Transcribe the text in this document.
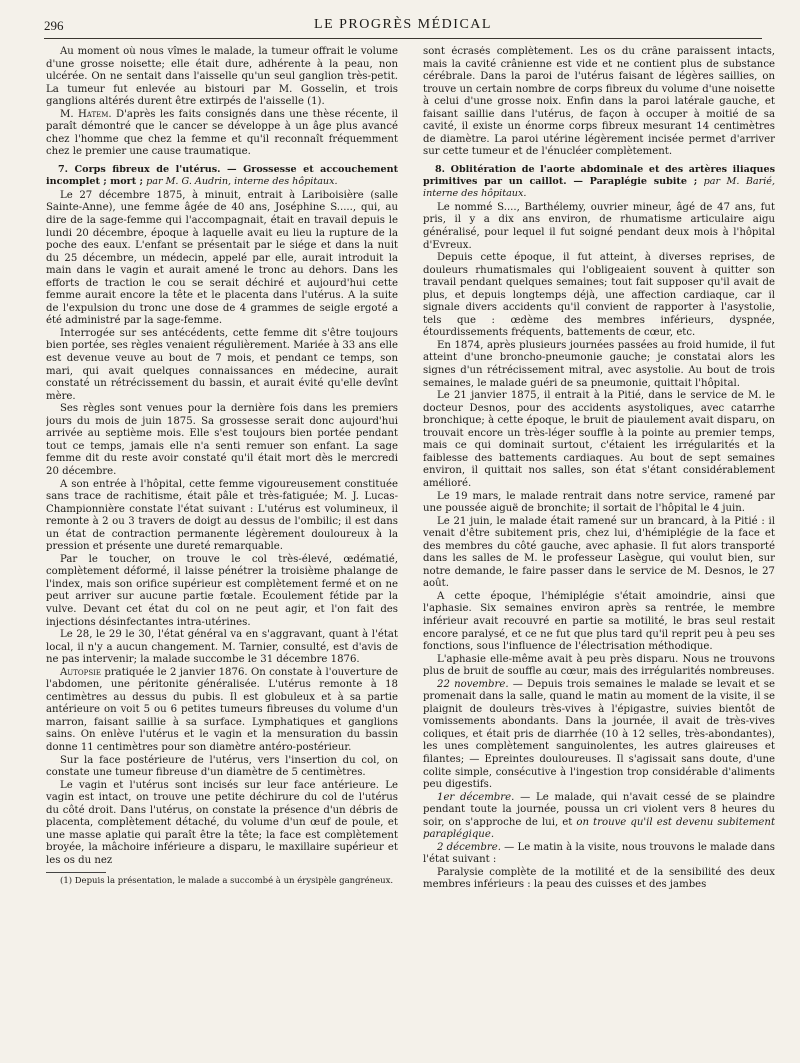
296	LE PROGRÈS MÉDICAL

Au moment où nous vîmes le malade, la tumeur offrait le volume d'une grosse noisette; elle était dure, adhérente à la peau, non ulcérée. On ne sentait dans l'aisselle qu'un seul ganglion très-petit. La tumeur fut enlevée au bistouri par M. Gosselin, et trois ganglions altérés durent être extirpés de l'aisselle (1).

M. Hatem. D'après les faits consignés dans une thèse récente, il paraît démontré que le cancer se développe à un âge plus avancé chez l'homme que chez la femme et qu'il reconnaît fréquemment chez le premier une cause traumatique.

7. Corps fibreux de l'utérus. — Grossesse et accouchement incomplet ; mort ; par M. G. Audrin, interne des hôpitaux.

Le 27 décembre 1875, à minuit, entrait à Lariboisière (salle Sainte-Anne), une femme âgée de 40 ans, Joséphine S....., qui, au dire de la sage-femme qui l'accompagnait, était en travail depuis le lundi 20 décembre, époque à laquelle avait eu lieu la rupture de la poche des eaux. L'enfant se présentait par le siége et dans la nuit du 25 décembre, un médecin, appelé par elle, aurait introduit la main dans le vagin et aurait amené le tronc au dehors. Dans les efforts de traction le cou se serait déchiré et aujourd'hui cette femme aurait encore la tête et le placenta dans l'utérus. A la suite de l'expulsion du tronc une dose de 4 grammes de seigle ergoté a été administré par la sage-femme.

Interrogée sur ses antécédents, cette femme dit s'être toujours bien portée, ses règles venaient régulièrement. Mariée à 33 ans elle est devenue veuve au bout de 7 mois, et pendant ce temps, son mari, qui avait quelques connaissances en médecine, aurait constaté un rétrécissement du bassin, et aurait évité qu'elle devînt mère.

Ses règles sont venues pour la dernière fois dans les premiers jours du mois de juin 1875. Sa grossesse serait donc aujourd'hui arrivée au septième mois. Elle s'est toujours bien portée pendant tout ce temps, jamais elle n'a senti remuer son enfant. La sage femme dit du reste avoir constaté qu'il était mort dès le mercredi 20 décembre.

A son entrée à l'hôpital, cette femme vigoureusement constituée sans trace de rachitisme, était pâle et très-fatiguée; M. J. Lucas-Championnière constate l'état suivant : L'utérus est volumineux, il remonte à 2 ou 3 travers de doigt au dessus de l'ombilic; il est dans un état de contraction permanente légèrement douloureux à la pression et présente une dureté remarquable.

Par le toucher, on trouve le col très-élevé, œdématié, complètement déformé, il laisse pénétrer la troisième phalange de l'index, mais son orifice supérieur est complètement fermé et on ne peut arriver sur aucune partie fœtale. Ecoulement fétide par la vulve. Devant cet état du col on ne peut agir, et l'on fait des injections désinfectantes intra-utérines.

Le 28, le 29 le 30, l'état général va en s'aggravant, quant à l'état local, il n'y a aucun changement. M. Tarnier, consulté, est d'avis de ne pas intervenir; la malade succombe le 31 décembre 1876.

Autopsie pratiquée le 2 janvier 1876. On constate à l'ouverture de l'abdomen, une péritonite généralisée. L'utérus remonte à 18 centimètres au dessus du pubis. Il est globuleux et à sa partie antérieure on voit 5 ou 6 petites tumeurs fibreuses du volume d'un marron, faisant saillie à sa surface. Lymphatiques et ganglions sains. On enlève l'utérus et le vagin et la mensuration du bassin donne 11 centimètres pour son diamètre antéro-postérieur.

Sur la face postérieure de l'utérus, vers l'insertion du col, on constate une tumeur fibreuse d'un diamètre de 5 centimètres.

Le vagin et l'utérus sont incisés sur leur face antérieure. Le vagin est intact, on trouve une petite déchirure du col de l'utérus du côté droit. Dans l'utérus, on constate la présence d'un débris de placenta, complètement détaché, du volume d'un œuf de poule, et une masse aplatie qui paraît être la tête; la face est complètement broyée, la mâchoire inférieure a disparu, le maxillaire supérieur et les os du nez

(1) Depuis la présentation, le malade a succombé à un érysipèle gangréneux.

sont écrasés complètement. Les os du crâne paraissent intacts, mais la cavité crânienne est vide et ne contient plus de substance cérébrale. Dans la paroi de l'utérus faisant de légères saillies, on trouve un certain nombre de corps fibreux du volume d'une noisette à celui d'une grosse noix. Enfin dans la paroi latérale gauche, et faisant saillie dans l'utérus, de façon à occuper à moitié de sa cavité, il existe un énorme corps fibreux mesurant 14 centimètres de diamètre. La paroi utérine légèrement incisée permet d'arriver sur cette tumeur et de l'énucléer complètement.

8. Oblitération de l'aorte abdominale et des artères iliaques primitives par un caillot. — Paraplégie subite ; par M. Barié, interne des hôpitaux.

Le nommé S...., Barthélemy, ouvrier mineur, âgé de 47 ans, fut pris, il y a dix ans environ, de rhumatisme articulaire aigu généralisé, pour lequel il fut soigné pendant deux mois à l'hôpital d'Evreux.

Depuis cette époque, il fut atteint, à diverses reprises, de douleurs rhumatismales qui l'obligeaient souvent à quitter son travail pendant quelques semaines; tout fait supposer qu'il avait de plus, et depuis longtemps déjà, une affection cardiaque, car il signale divers accidents qu'il convient de rapporter à l'asystolie, tels que : œdème des membres inférieurs, dyspnée, étourdissements fréquents, battements de cœur, etc.

En 1874, après plusieurs journées passées au froid humide, il fut atteint d'une broncho-pneumonie gauche; je constatai alors les signes d'un rétrécissement mitral, avec asystolie. Au bout de trois semaines, le malade guéri de sa pneumonie, quittait l'hôpital.

Le 21 janvier 1875, il entrait à la Pitié, dans le service de M. le docteur Desnos, pour des accidents asystoliques, avec catarrhe bronchique; à cette époque, le bruit de piaulement avait disparu, on trouvait encore un très-léger souffle à la pointe au premier temps, mais ce qui dominait surtout, c'étaient les irrégularités et la faiblesse des battements cardiaques. Au bout de sept semaines environ, il quittait nos salles, son état s'étant considérablement amélioré.

Le 19 mars, le malade rentrait dans notre service, ramené par une poussée aiguë de bronchite; il sortait de l'hôpital le 4 juin.

Le 21 juin, le malade était ramené sur un brancard, à la Pitié : il venait d'être subitement pris, chez lui, d'hémiplégie de la face et des membres du côté gauche, avec aphasie. Il fut alors transporté dans les salles de M. le professeur Lasègue, qui voulut bien, sur notre demande, le faire passer dans le service de M. Desnos, le 27 août.

A cette époque, l'hémiplégie s'était amoindrie, ainsi que l'aphasie. Six semaines environ après sa rentrée, le membre inférieur avait recouvré en partie sa motilité, le bras seul restait encore paralysé, et ce ne fut que plus tard qu'il reprit peu à peu ses fonctions, sous l'influence de l'électrisation méthodique.

L'aphasie elle-même avait à peu près disparu. Nous ne trouvons plus de bruit de souffle au cœur, mais des irrégularités nombreuses.

22 novembre. — Depuis trois semaines le malade se levait et se promenait dans la salle, quand le matin au moment de la visite, il se plaignit de douleurs très-vives à l'épigastre, suivies bientôt de vomissements abondants. Dans la journée, il avait de très-vives coliques, et était pris de diarrhée (10 à 12 selles, très-abondantes), les unes complètement sanguinolentes, les autres glaireuses et filantes; — Epreintes douloureuses. Il s'agissait sans doute, d'une colite simple, consécutive à l'ingestion trop considérable d'aliments peu digestifs.

1er décembre. — Le malade, qui n'avait cessé de se plaindre pendant toute la journée, poussa un cri violent vers 8 heures du soir, on s'approche de lui, et on trouve qu'il est devenu subitement paraplégique.

2 décembre. — Le matin à la visite, nous trouvons le malade dans l'état suivant :

Paralysie complète de la motilité et de la sensibilité des deux membres inférieurs : la peau des cuisses et des jambes
